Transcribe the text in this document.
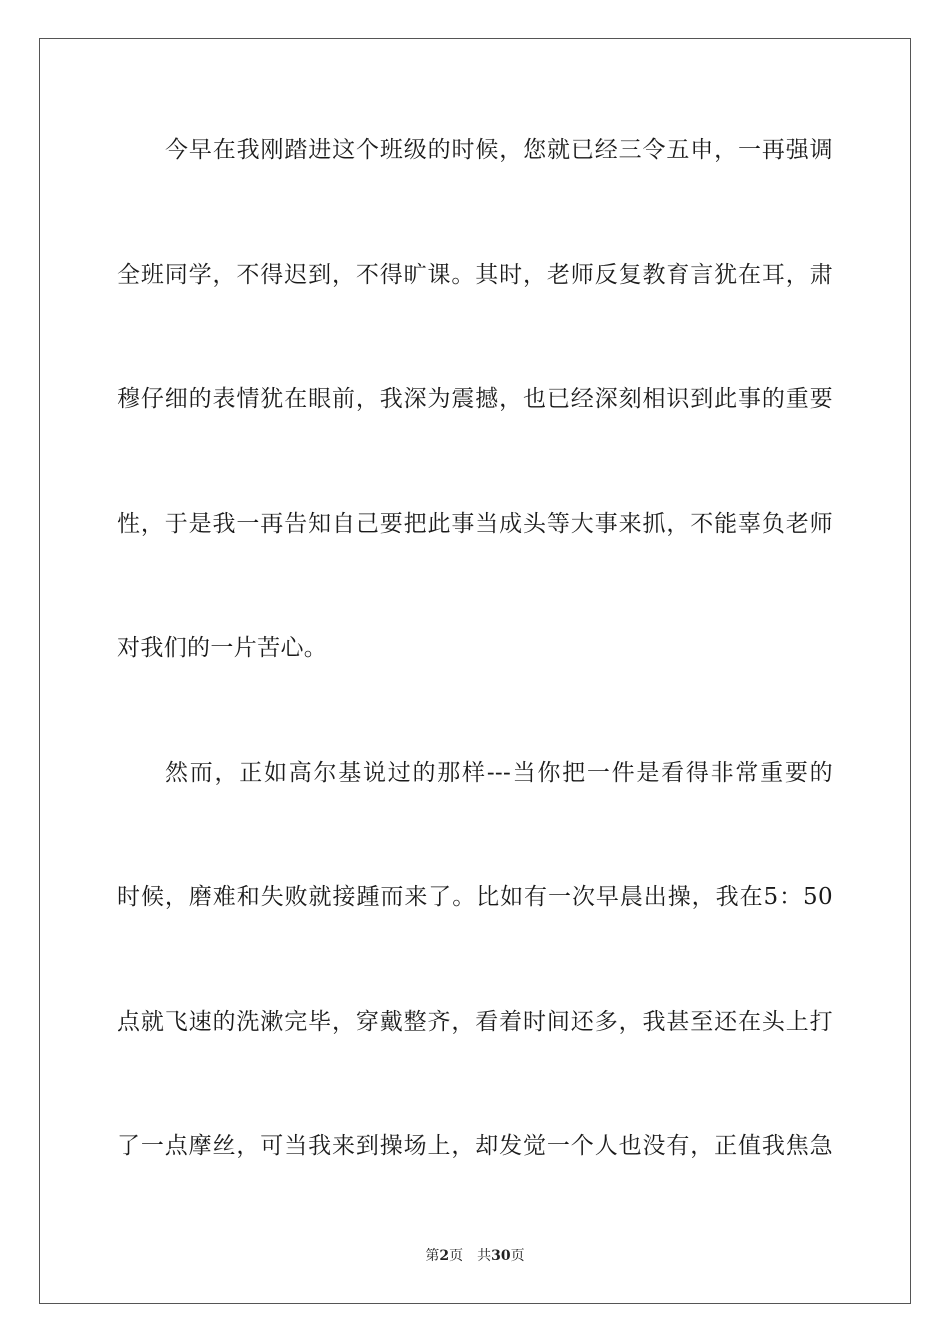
今早在我刚踏进这个班级的时候，您就已经三令五申，一再强调
全班同学，不得迟到，不得旷课。其时，老师反复教育言犹在耳，肃
穆仔细的表情犹在眼前，我深为震撼，也已经深刻相识到此事的重要
性，于是我一再告知自己要把此事当成头等大事来抓，不能辜负老师
对我们的一片苦心。
然而，正如高尔基说过的那样---当你把一件是看得非常重要的
时候，磨难和失败就接踵而来了。比如有一次早晨出操，我在5：50
点就飞速的洗漱完毕，穿戴整齐，看着时间还多，我甚至还在头上打
了一点摩丝，可当我来到操场上，却发觉一个人也没有，正值我焦急
第2页 共30页
